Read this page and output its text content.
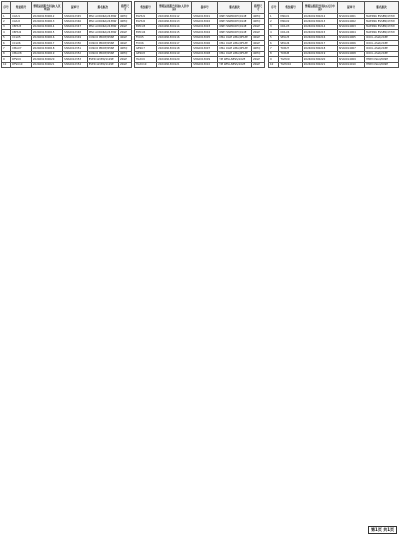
序号	集装箱号	整箱运抵报告回执(入区申请)	提单号	船名航次	箱型尺寸
1	CAIU1	2024091300012	SHA0012345	MSC AURORA/2438W	40HQ
2	CAIU2	2024091300013	SHA0012346	MSC AURORA/2438W	40HQ
3	CBHU3	2024091300014	SHA0012347	MSC AURORA/2438W	20GP
4	CBHU4	2024091300015	SHA0012348	MSC AURORA/2438W	20GP
5	CCLU5	2024091300016	SHA0012349	COSCO PRIDE/056E	40GP
6	CCLU6	2024091300017	SHA0012350	COSCO PRIDE/056E	40GP
7	CMAU7	2024091300018	SHA0012351	COSCO PRIDE/056E	40HQ
8	CMAU8	2024091300019	SHA0012352	COSCO PRIDE/056E	40HQ
9	DFSU9	2024091300020	SHA0012353	EVER GIVEN/1129E	20GP
10	DFSU10	2024091300021	SHA0012354	EVER GIVEN/1129E	20GP
集装箱号	整箱运抵报告回执(入区申请)	提单号	船名航次	箱型尺寸
EGHU1	2024091300112	SHA0013001	ONE HARMONY/014E	40HQ
EGHU2	2024091300113	SHA0013002	ONE HARMONY/014E	40HQ
EMCU3	2024091300114	SHA0013003	ONE HARMONY/014E	20GP
EMCU4	2024091300115	SHA0013004	ONE HARMONY/014E	20GP
FCIU5	2024091300116	SHA0013005	CMA CGM LIMA/0FA3E	40GP
FCIU6	2024091300117	SHA0013006	CMA CGM LIMA/0FA3E	40GP
GESU7	2024091300118	SHA0013007	CMA CGM LIMA/0FA3E	40HQ
GESU8	2024091300119	SHA0013008	CMA CGM LIMA/0FA3E	40HQ
HLXU9	2024091300120	SHA0013009	YM WELLNESS/102E	20GP
HLXU10	2024091300121	SHA0013010	YM WELLNESS/102E	20GP
序号	集装箱号	整箱运抵报告回执(入区申请)	提单号	船名航次
1	MSKU1	2024091300212	SHA0014001	MAERSK ESSEN/437W
2	MSKU2	2024091300213	SHA0014002	MAERSK ESSEN/437W
3	OOLU3	2024091300214	SHA0014003	MAERSK ESSEN/437W
4	OOLU4	2024091300215	SHA0014004	MAERSK ESSEN/437W
5	SEGU5	2024091300216	SHA0014005	OOCL ASIA/218E
6	SEGU6	2024091300217	SHA0014006	OOCL ASIA/218E
7	TCNU7	2024091300218	SHA0014007	OOCL ASIA/218E
8	TCNU8	2024091300219	SHA0014008	OOCL ASIA/218E
9	TGHU9	2024091300220	SHA0014009	HMM OSLO/009E
10	TGHU10	2024091300221	SHA0014010	HMM OSLO/009E
第1页 共1页
